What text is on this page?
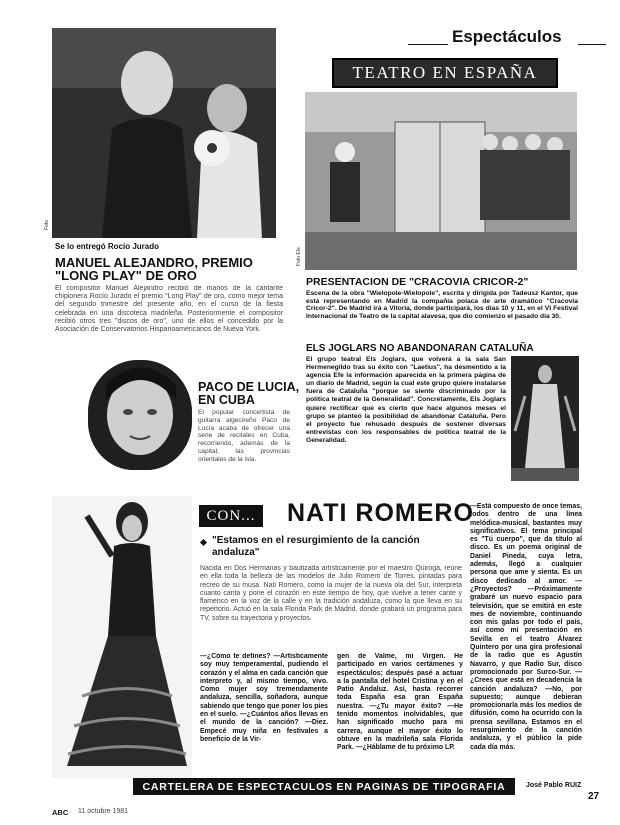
Espectáculos
Foto
Se lo entregó Rocío Jurado
MANUEL ALEJANDRO, PREMIO
"LONG PLAY" DE ORO
El compositor Manuel Alejandro recibió de manos de la cantante chipionera Rocío Jurado el premio "Long Play" de oro, como mejor tema del segundo trimestre del presente año, en el curso de la fiesta celebrada en una discoteca madrileña. Posteriormente el compositor recibió otros tres "discos de oro", uno de ellos el concedido por la Asociación de Conservatorios Hispanoamericanos de Nueva York.
TEATRO EN ESPAÑA
Foto Efe
PRESENTACION DE "CRACOVIA CRICOR-2"
Escena de la obra "Wielopole-Wielopole", escrita y dirigida por Tadeusz Kantor, que está representando en Madrid la compañía polaca de arte dramático "Cracovia Cricor-2". De Madrid irá a Vitoria, donde participará, los días 10 y 11, en el VI Festival Internacional de Teatro de la capital alavesa, que dio comienzo el pasado día 30.
ELS JOGLARS NO ABANDONARAN CATALUÑA
El grupo teatral Els Joglars, que volverá a la sala San Hermenegildo tras su éxito con "Laetius", ha desmentido a la agencia Efe la información aparecida en la primera página de un diario de Madrid, según la cual este grupo quiere instalarse fuera de Cataluña "porque se siente discriminado por la política teatral de la Generalidad". Concretamente, Els Joglars quiere rectificar que es cierto que hace algunos meses el grupo se planteó la posibilidad de abandonar Cataluña. Pero el proyecto fue rehusado después de sostener diversas entrevistas con los responsables de política teatral de la Generalidad.
PACO DE LUCIA,
EN CUBA
El popular concertista de guitarra algecireño Paco de Lucía acaba de ofrecer una serie de recitales en Cuba, recorriendo, además de la capital, las provincias orientales de la isla.
CON... NATI ROMERO
"Estamos en el resurgimiento de la canción andaluza"
Nacida en Dos Hermanas y bautizada artísticamente por el maestro Quiroga, reúne en ella toda la belleza de las modelos de Julio Romero de Torres, pintadas para recreo de su musa. Nati Romero, como la mujer de la nueva ola del Sur, interpreta cuanto canta y pone el corazón en este tiempo de hoy, que vuelve a tener cante y flamenco en la voz de la calle y en la tradición andaluza, como la que lleva en su repertorio. Actuó en la sala Florida Park de Madrid, donde grabará un programa para TV, sobre su trayectoria y proyectos.
—¿Cómo te defines? —Artísticamente soy muy temperamental, pudiendo el corazón y el alma en cada canción que interpreto y, al mismo tiempo, vivo. Como mujer soy tremendamente andaluza, sencilla, soñadora, aunque sabiendo que tengo que poner los pies en el suelo. —¿Cuántos años llevas en el mundo de la canción? —Diez. Empecé muy niña en festivales a beneficio de la Vir-
gen de Valme, mi Virgen. He participado en varios certámenes y espectáculos; después pasé a actuar a la pantalla del hotel Cristina y en el Patio Andaluz. Así, hasta recorrer toda España esa gran España nuestra. —¿Tu mayor éxito? —He tenido momentos inolvidables, que han significado mucho para mi carrera, aunque el mayor éxito lo obtuve en la madrileña sala Florida Park. —¿Háblame de tu próximo LP.
—Está compuesto de once temas, todos dentro de una línea melódica-musical, bastantes muy significativos. El tema principal es "Tú cuerpo", que da título al disco. Es un poema original de Daniel Pineda, cuya letra, además, llegó a cualquier persona que ame y sienta. Es un disco dedicado al amor. —¿Proyectos? —Próximamente grabaré un nuevo espacio para televisión, que se emitirá en este mes de noviembre, continuando con mis galas por todo el país, así como mi presentación en Sevilla en el teatro Álvarez Quintero por una gira profesional de la radio que es Agustín Navarro, y que Radio Sur, disco promocionado por Surco-Sur. —¿Crees que está en decadencia la canción andaluza? —No, por supuesto; aunque debieran promocionarla más los medios de difusión, como ha ocurrido con la prensa sevillana. Estamos en el resurgimiento de la canción andaluza, y el público la pide cada día más.
CARTELERA DE ESPECTACULOS EN PAGINAS DE TIPOGRAFIA	José Pablo RUIZ
ABC 11 octubre 1981
27
